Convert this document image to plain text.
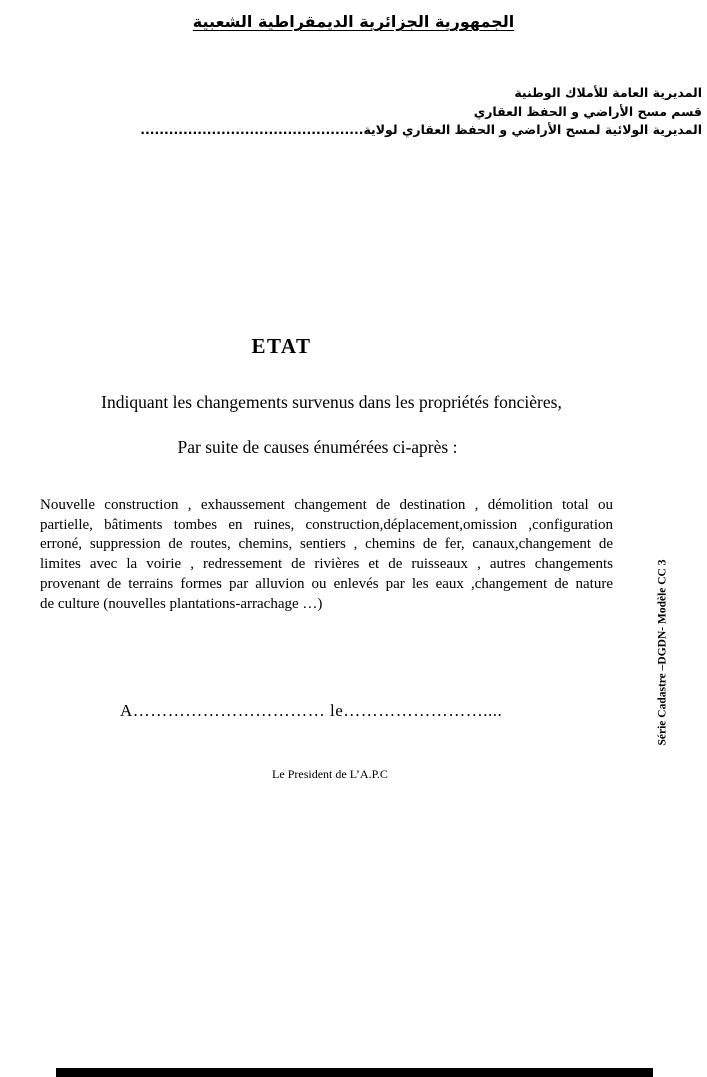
الجمهورية الجزائرية الديمقراطية الشعبية
المديرية العامة للأملاك الوطنية
قسم مسح الأراضي و الحفظ العقاري
المديرية الولائية لمسح الأراضي و الحفظ العقاري لولاية...............................................
ETAT
Indiquant les changements survenus dans les propriétés foncières,
Par suite de causes énumérées ci-après :
Nouvelle construction , exhaussement changement de destination , démolition total ou
partielle, bâtiments tombes en ruines, construction,déplacement,omission ,configuration
erroné, suppression de routes, chemins, sentiers , chemins de fer, canaux,changement de
limites avec la voirie , redressement de rivières et de ruisseaux , autres changements
provenant de terrains formes par alluvion ou enlevés par les eaux ,changement de nature
de culture (nouvelles plantations-arrachage …)
A…………………………… le……………………....
Le President de L’A.P.C
Série Cadastre –DGDN- Modèle CC 3
